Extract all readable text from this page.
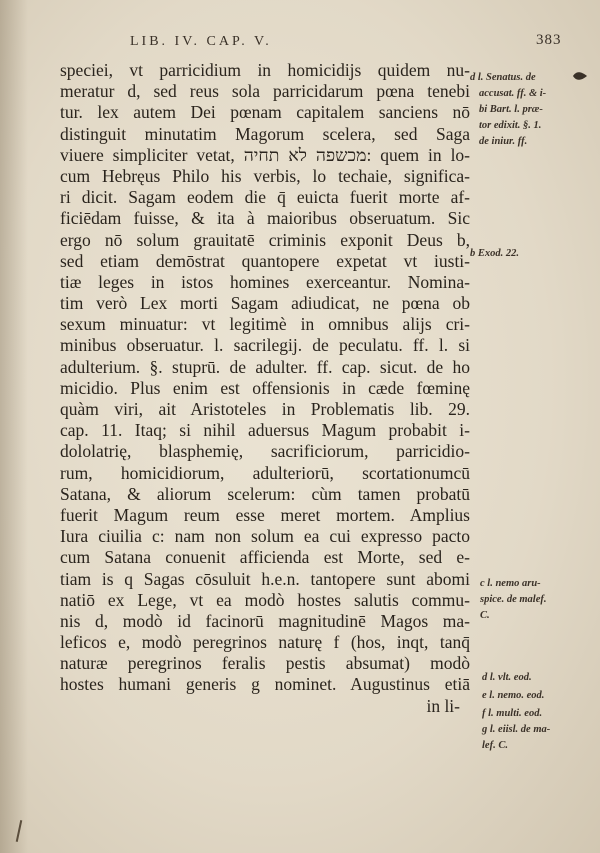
LIB. IV. CAP. V.	383
speciei, vt parricidium in homicidijs quidem nu-
meratur d, sed reus sola parricidarum pœna tenebi
tur. lex autem Dei pœnam capitalem sanciens nō
distinguit minutatim Magorum scelera, sed Saga
viuere simpliciter vetat, מכשפה לא תחיה: quem in lo-
cum Hebręus Philo his verbis, lo techaie, significa-
ri dicit. Sagam eodem die q̄ euicta fuerit morte af-
ficiēdam fuisse, & ita à maioribus obseruatum. Sic
ergo nō solum grauitatē criminis exponit Deus b,
sed etiam demōstrat quantopere expetat vt iusti-
tiæ leges in istos homines exerceantur. Nomina-
tim verò Lex morti Sagam adiudicat, ne pœna ob
sexum minuatur: vt legitimè in omnibus alijs cri-
minibus obseruatur. l. sacrilegij. de peculatu. ff. l. si
adulterium. §. stuprū. de adulter. ff. cap. sicut. de ho
micidio. Plus enim est offensionis in cæde fœminę
quàm viri, ait Aristoteles in Problematis lib. 29.
cap. 11. Itaq; si nihil aduersus Magum probabit i-
dololatrię, blasphemię, sacrificiorum, parricidio-
rum, homicidiorum, adulteriorū, scortationumcū
Satana, & aliorum scelerum: cùm tamen probatū
fuerit Magum reum esse meret mortem. Amplius
Iura ciuilia c: nam non solum ea cui expresso pacto
cum Satana conuenit afficienda est Morte, sed e-
tiam is q Sagas cōsuluit h.e.n. tantopere sunt abomi
natiō ex Lege, vt ea modò hostes salutis commu-
nis d, modò id facinorū magnitudinē Magos ma-
leficos e, modò peregrinos naturę f (hos, inqt, tanq̄
naturæ peregrinos feralis pestis absumat) modò
hostes humani generis g nominet. Augustinus etiā
in li-
d l. Senatus. de
accusat. ff. & i-
bi Bart. l. præ-
tor edixit. §. 1.
de iniur. ff.
b Exod. 22.
c l. nemo aru-
spice. de malef.
C.
d l. vlt. eod.
e l. nemo. eod.
f l. multi. eod.
g l. eiisl. de ma-
lef. C.
